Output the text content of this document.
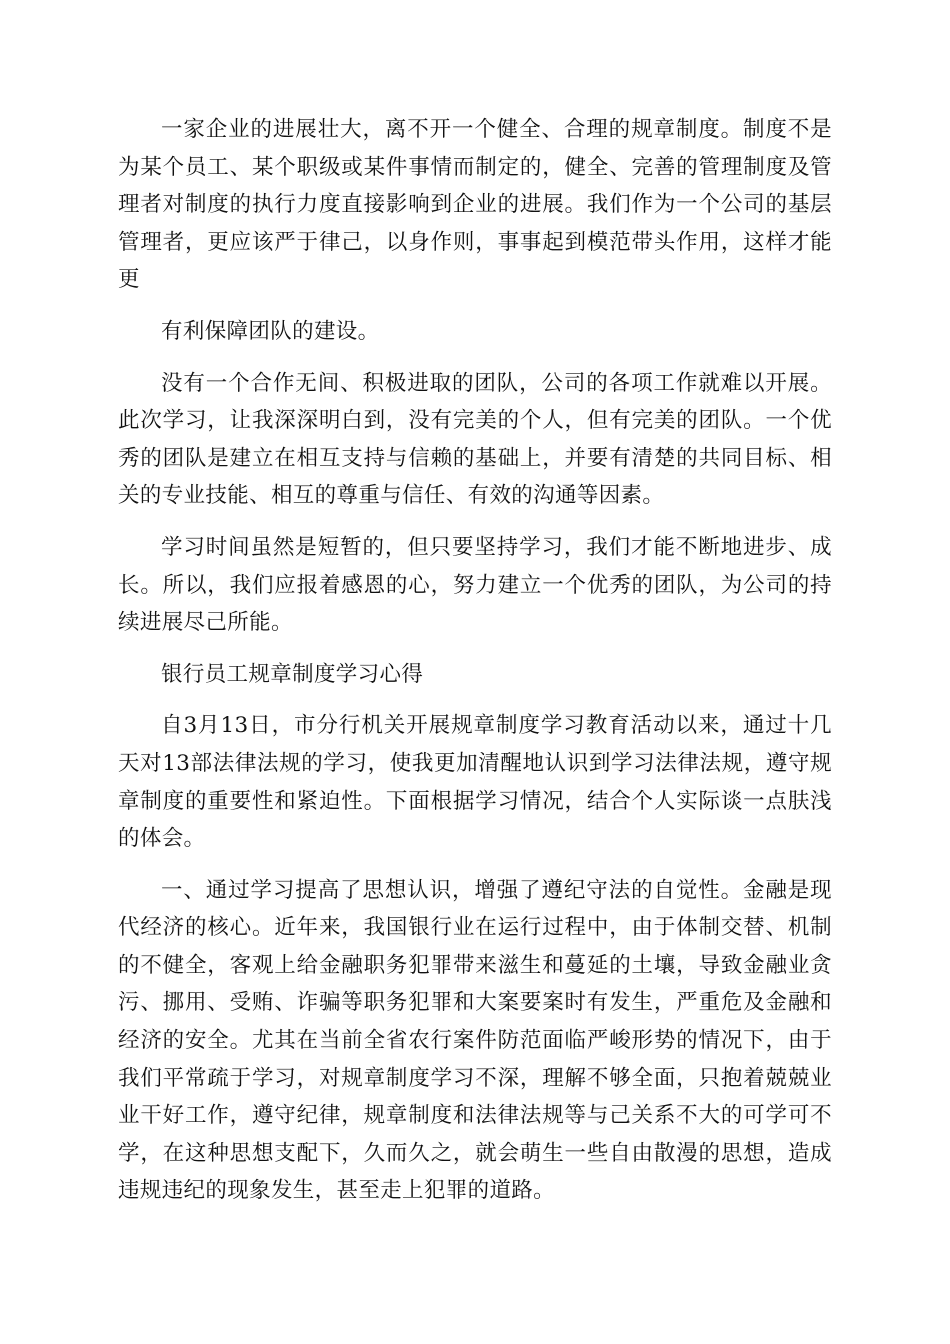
一家企业的进展壮大，离不开一个健全、合理的规章制度。制度不是为某个员工、某个职级或某件事情而制定的，健全、完善的管理制度及管理者对制度的执行力度直接影响到企业的进展。我们作为一个公司的基层管理者，更应该严于律己，以身作则，事事起到模范带头作用，这样才能更

有利保障团队的建设。

没有一个合作无间、积极进取的团队，公司的各项工作就难以开展。此次学习，让我深深明白到，没有完美的个人，但有完美的团队。一个优秀的团队是建立在相互支持与信赖的基础上，并要有清楚的共同目标、相关的专业技能、相互的尊重与信任、有效的沟通等因素。

学习时间虽然是短暂的，但只要坚持学习，我们才能不断地进步、成长。所以，我们应报着感恩的心，努力建立一个优秀的团队，为公司的持续进展尽己所能。

银行员工规章制度学习心得

自3月13日，市分行机关开展规章制度学习教育活动以来，通过十几天对13部法律法规的学习，使我更加清醒地认识到学习法律法规，遵守规章制度的重要性和紧迫性。下面根据学习情况，结合个人实际谈一点肤浅的体会。

一、通过学习提高了思想认识，增强了遵纪守法的自觉性。金融是现代经济的核心。近年来，我国银行业在运行过程中，由于体制交替、机制的不健全，客观上给金融职务犯罪带来滋生和蔓延的土壤，导致金融业贪污、挪用、受贿、诈骗等职务犯罪和大案要案时有发生，严重危及金融和经济的安全。尤其在当前全省农行案件防范面临严峻形势的情况下，由于我们平常疏于学习，对规章制度学习不深，理解不够全面，只抱着兢兢业业干好工作，遵守纪律，规章制度和法律法规等与己关系不大的可学可不学，在这种思想支配下，久而久之，就会萌生一些自由散漫的思想，造成违规违纪的现象发生，甚至走上犯罪的道路。
